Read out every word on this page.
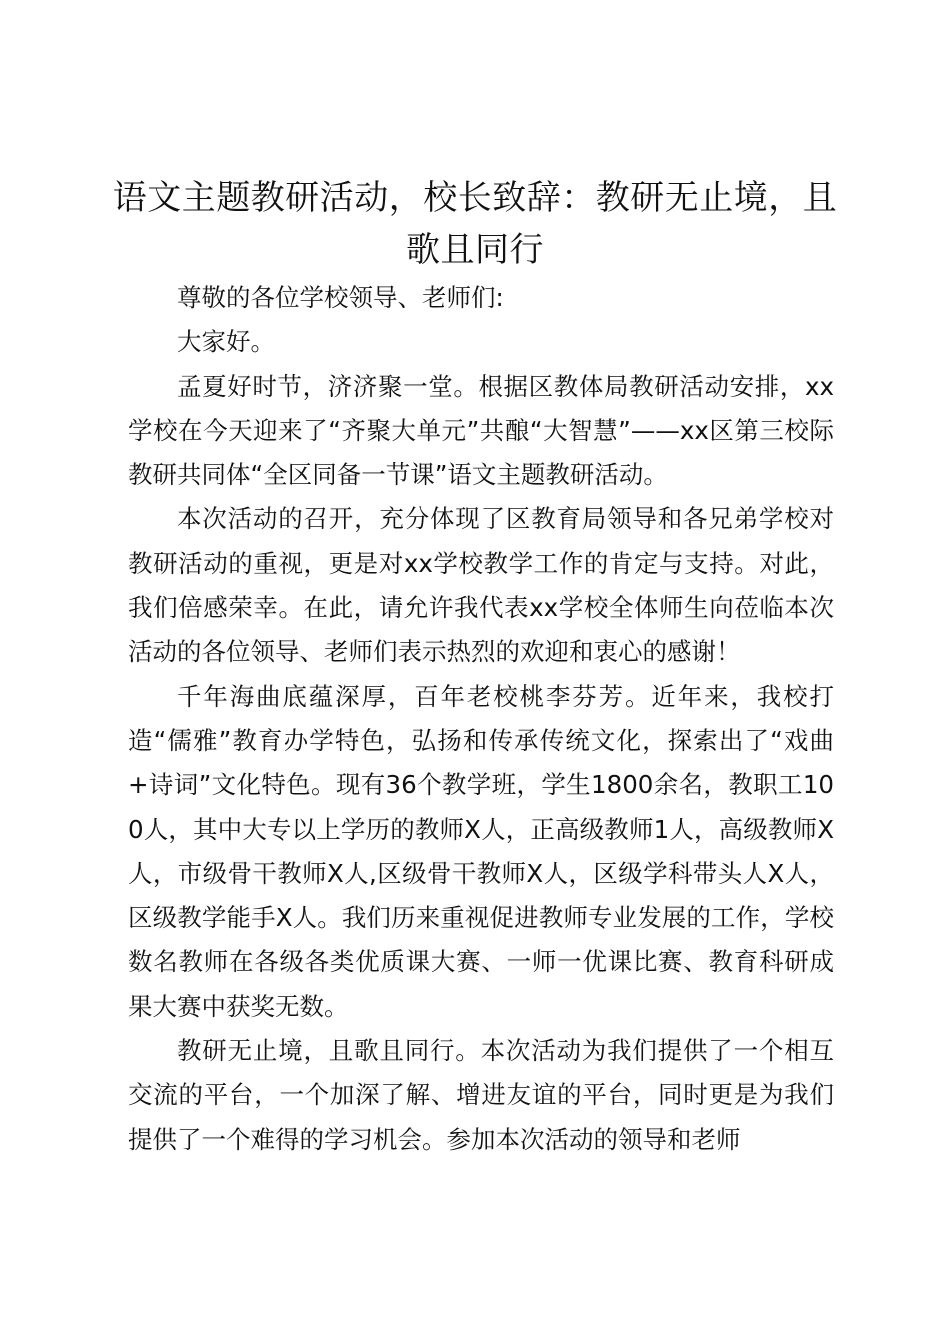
语文主题教研活动，校长致辞：教研无止境，且歌且同行

尊敬的各位学校领导、老师们:

大家好。

孟夏好时节，济济聚一堂。根据区教体局教研活动安排，xx学校在今天迎来了“齐聚大单元”共酿“大智慧”——xx区第三校际教研共同体“全区同备一节课”语文主题教研活动。

本次活动的召开，充分体现了区教育局领导和各兄弟学校对教研活动的重视，更是对xx学校教学工作的肯定与支持。对此，我们倍感荣幸。在此，请允许我代表xx学校全体师生向莅临本次活动的各位领导、老师们表示热烈的欢迎和衷心的感谢！

千年海曲底蕴深厚，百年老校桃李芬芳。近年来，我校打造“儒雅”教育办学特色，弘扬和传承传统文化，探索出了“戏曲+诗词”文化特色。现有36个教学班，学生1800余名，教职工100人，其中大专以上学历的教师X人，正高级教师1人，高级教师X人，市级骨干教师X人,区级骨干教师X人，区级学科带头人X人，区级教学能手X人。我们历来重视促进教师专业发展的工作，学校数名教师在各级各类优质课大赛、一师一优课比赛、教育科研成果大赛中获奖无数。

教研无止境，且歌且同行。本次活动为我们提供了一个相互交流的平台，一个加深了解、增进友谊的平台，同时更是为我们提供了一个难得的学习机会。参加本次活动的领导和老师
